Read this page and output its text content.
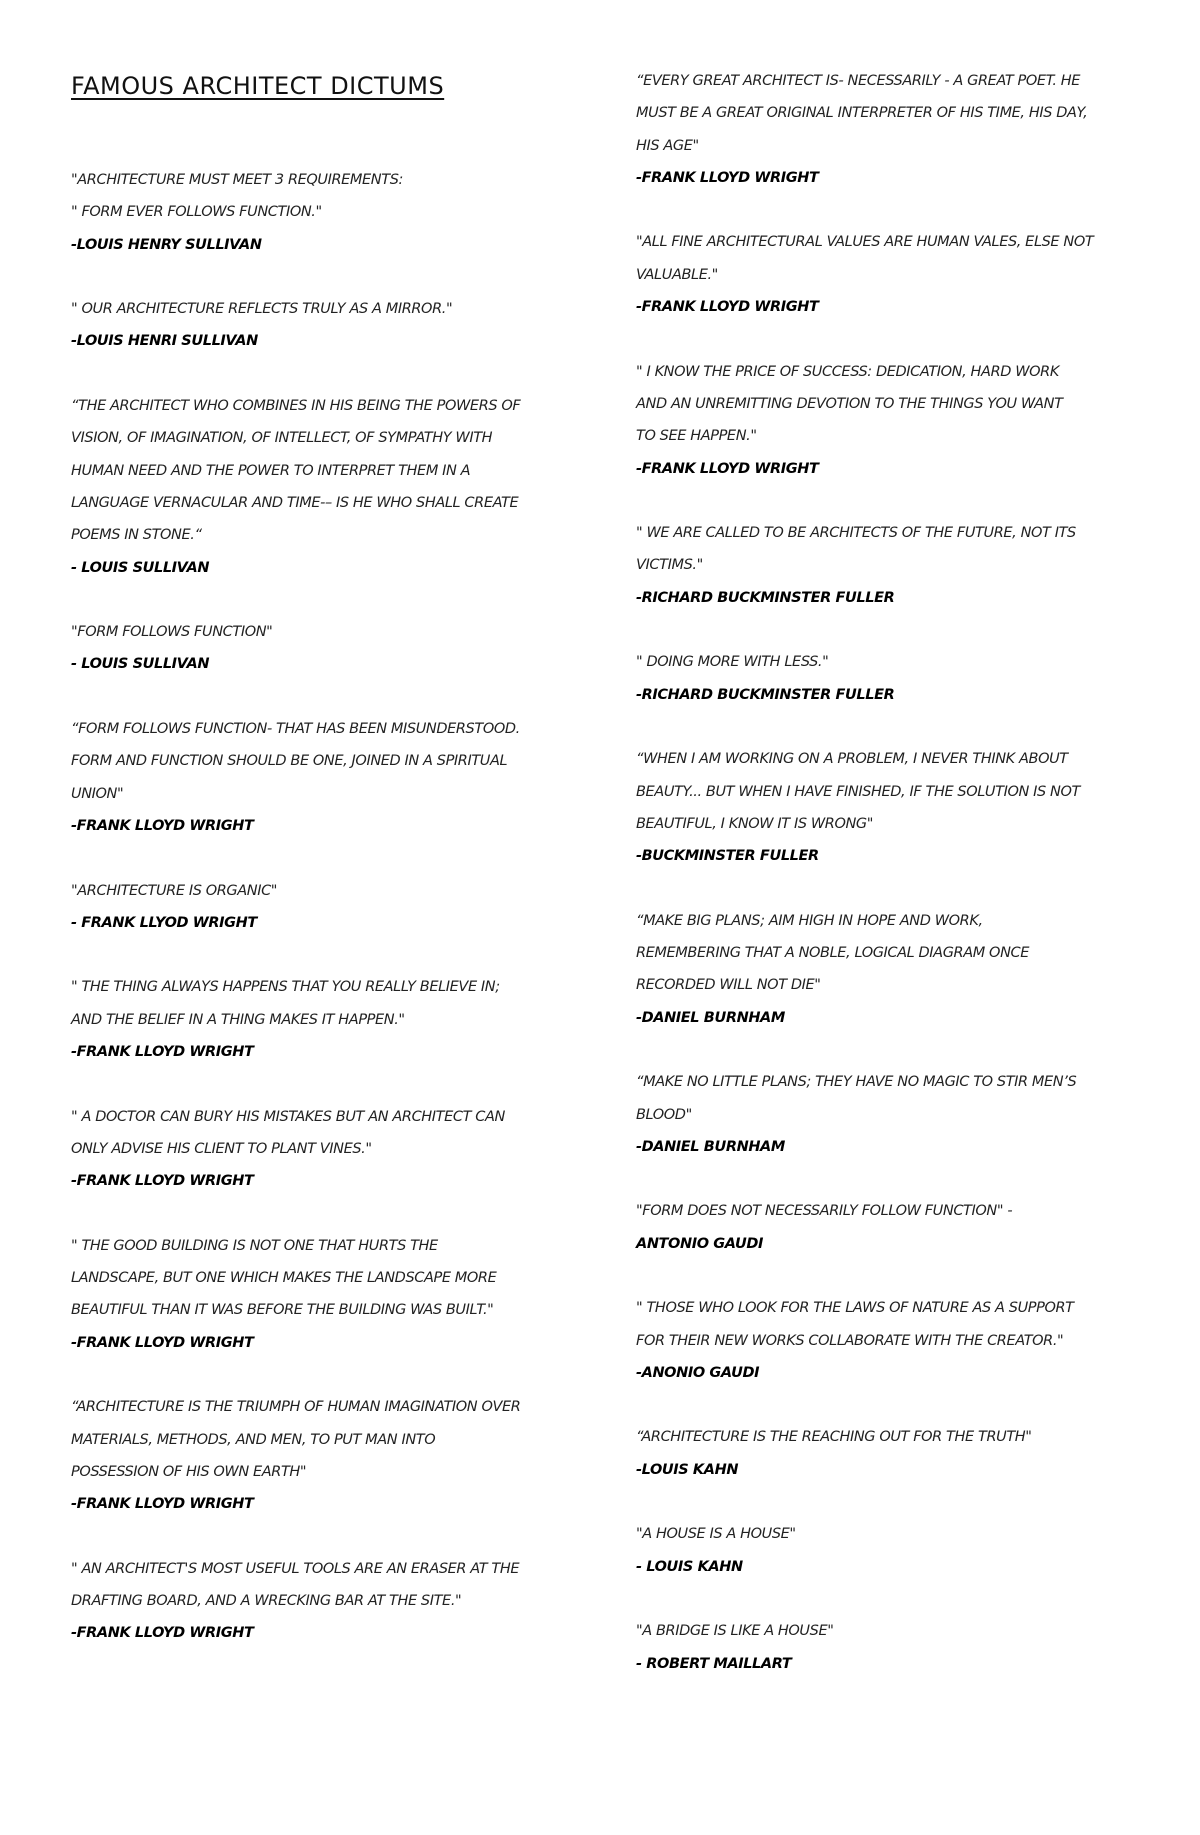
FAMOUS ARCHITECT DICTUMS
"ARCHITECTURE MUST MEET 3 REQUIREMENTS:
" FORM EVER FOLLOWS FUNCTION."
-LOUIS HENRY SULLIVAN
" OUR ARCHITECTURE REFLECTS TRULY AS A MIRROR."
-LOUIS HENRI SULLIVAN
“THE ARCHITECT WHO COMBINES IN HIS BEING THE POWERS OF
VISION, OF IMAGINATION, OF INTELLECT, OF SYMPATHY WITH
HUMAN NEED AND THE POWER TO INTERPRET THEM IN A
LANGUAGE VERNACULAR AND TIME-– IS HE WHO SHALL CREATE
POEMS IN STONE.“
- LOUIS SULLIVAN
"FORM FOLLOWS FUNCTION"
- LOUIS SULLIVAN
“FORM FOLLOWS FUNCTION- THAT HAS BEEN MISUNDERSTOOD.
FORM AND FUNCTION SHOULD BE ONE, JOINED IN A SPIRITUAL
UNION"
-FRANK LLOYD WRIGHT
"ARCHITECTURE IS ORGANIC"
- FRANK LLYOD WRIGHT
" THE THING ALWAYS HAPPENS THAT YOU REALLY BELIEVE IN;
AND THE BELIEF IN A THING MAKES IT HAPPEN."
-FRANK LLOYD WRIGHT
" A DOCTOR CAN BURY HIS MISTAKES BUT AN ARCHITECT CAN
ONLY ADVISE HIS CLIENT TO PLANT VINES."
-FRANK LLOYD WRIGHT
" THE GOOD BUILDING IS NOT ONE THAT HURTS THE
LANDSCAPE, BUT ONE WHICH MAKES THE LANDSCAPE MORE
BEAUTIFUL THAN IT WAS BEFORE THE BUILDING WAS BUILT."
-FRANK LLOYD WRIGHT
“ARCHITECTURE IS THE TRIUMPH OF HUMAN IMAGINATION OVER
MATERIALS, METHODS, AND MEN, TO PUT MAN INTO
POSSESSION OF HIS OWN EARTH"
-FRANK LLOYD WRIGHT
" AN ARCHITECT'S MOST USEFUL TOOLS ARE AN ERASER AT THE
DRAFTING BOARD, AND A WRECKING BAR AT THE SITE."
-FRANK LLOYD WRIGHT
“EVERY GREAT ARCHITECT IS- NECESSARILY - A GREAT POET. HE
MUST BE A GREAT ORIGINAL INTERPRETER OF HIS TIME, HIS DAY,
HIS AGE"
-FRANK LLOYD WRIGHT
"ALL FINE ARCHITECTURAL VALUES ARE HUMAN VALES, ELSE NOT
VALUABLE."
-FRANK LLOYD WRIGHT
" I KNOW THE PRICE OF SUCCESS: DEDICATION, HARD WORK
AND AN UNREMITTING DEVOTION TO THE THINGS YOU WANT
TO SEE HAPPEN."
-FRANK LLOYD WRIGHT
" WE ARE CALLED TO BE ARCHITECTS OF THE FUTURE, NOT ITS
VICTIMS."
-RICHARD BUCKMINSTER FULLER
" DOING MORE WITH LESS."
-RICHARD BUCKMINSTER FULLER
“WHEN I AM WORKING ON A PROBLEM, I NEVER THINK ABOUT
BEAUTY... BUT WHEN I HAVE FINISHED, IF THE SOLUTION IS NOT
BEAUTIFUL, I KNOW IT IS WRONG"
-BUCKMINSTER FULLER
“MAKE BIG PLANS; AIM HIGH IN HOPE AND WORK,
REMEMBERING THAT A NOBLE, LOGICAL DIAGRAM ONCE
RECORDED WILL NOT DIE"
-DANIEL BURNHAM
“MAKE NO LITTLE PLANS; THEY HAVE NO MAGIC TO STIR MEN’S
BLOOD"
-DANIEL BURNHAM
"FORM DOES NOT NECESSARILY FOLLOW FUNCTION" -
ANTONIO GAUDI
" THOSE WHO LOOK FOR THE LAWS OF NATURE AS A SUPPORT
FOR THEIR NEW WORKS COLLABORATE WITH THE CREATOR."
-ANONIO GAUDI
“ARCHITECTURE IS THE REACHING OUT FOR THE TRUTH"
-LOUIS KAHN
"A HOUSE IS A HOUSE"
- LOUIS KAHN
"A BRIDGE IS LIKE A HOUSE"
- ROBERT MAILLART
